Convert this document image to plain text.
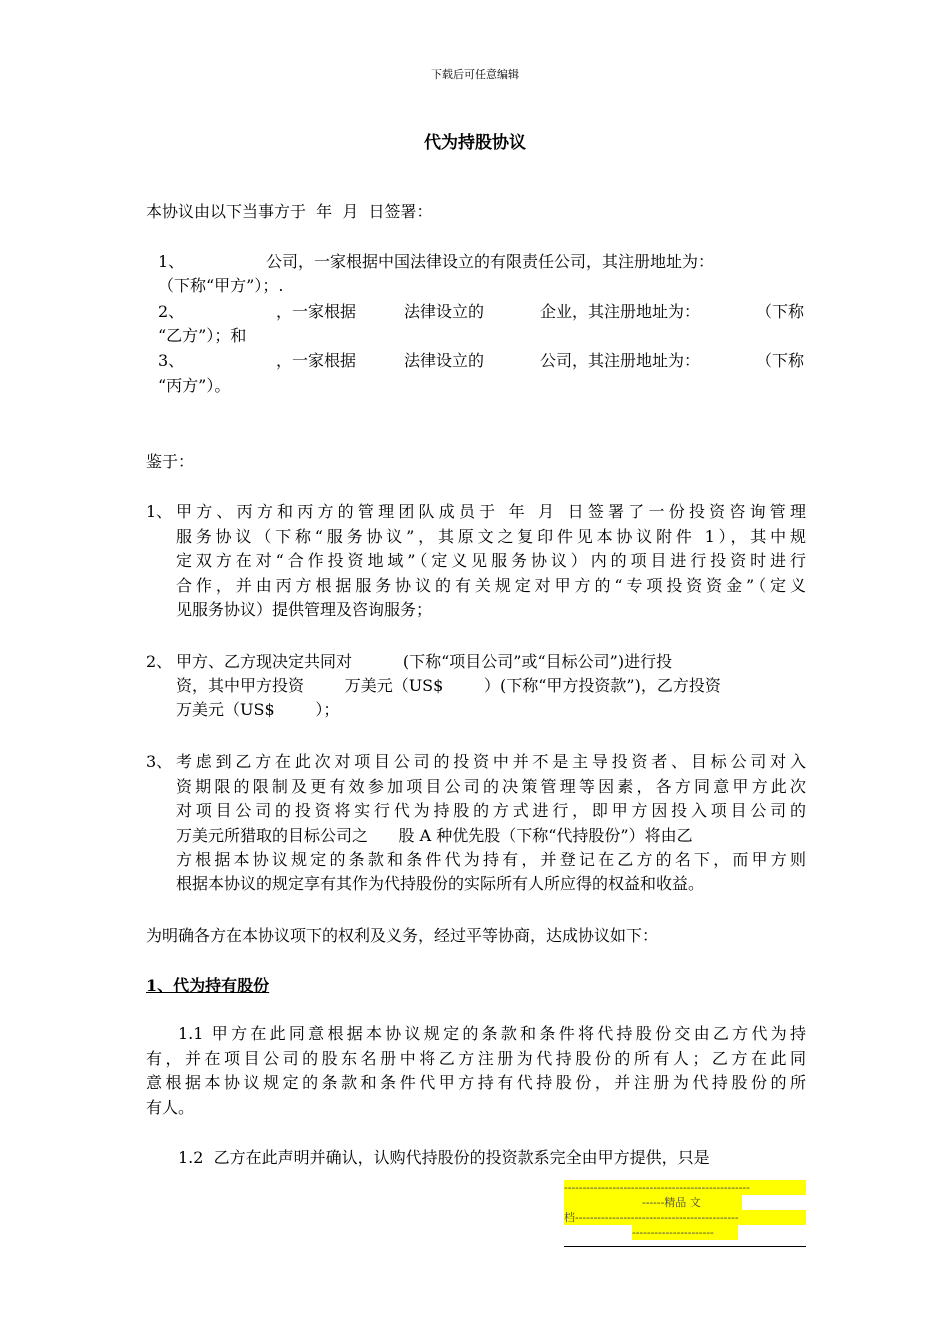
下载后可任意编辑
代为持股协议
本协议由以下当事方于  年  月  日签署：
1、	公司，一家根据中国法律设立的有限责任公司，其注册地址为：
（下称“甲方”）；.
2、	，一家根据	法律设立的	企业，其注册地址为：	（下称
“乙方”）；和
3、	，一家根据	法律设立的	公司，其注册地址为：	（下称
“丙方”）。
鉴于：
1、 甲方、丙方和丙方的管理团队成员于 年 月 日签署了一份投资咨询管理
服务协议（下称“服务协议”，其原文之复印件见本协议附件 1），其中规
定双方在对“合作投资地域”（定义见服务协议）内的项目进行投资时进行
合作，并由丙方根据服务协议的有关规定对甲方的“专项投资资金”（定义
见服务协议）提供管理及咨询服务；
2、 甲方、乙方现决定共同对          (下称“项目公司”或“目标公司”)进行投
资，其中甲方投资        万美元（US$        ）(下称“甲方投资款”)，乙方投资
万美元（US$        ）；
3、 考虑到乙方在此次对项目公司的投资中并不是主导投资者、目标公司对入
资期限的限制及更有效参加项目公司的决策管理等因素，各方同意甲方此次
对项目公司的投资将实行代为持股的方式进行，即甲方因投入项目公司的
万美元所猎取的目标公司之      股 A 种优先股（下称“代持股份”）将由乙
方根据本协议规定的条款和条件代为持有，并登记在乙方的名下，而甲方则
根据本协议的规定享有其作为代持股份的实际所有人所应得的权益和收益。
为明确各方在本协议项下的权利及义务，经过平等协商，达成协议如下：
1、代为持有股份
1.1 甲方在此同意根据本协议规定的条款和条件将代持股份交由乙方代为持
有，并在项目公司的股东名册中将乙方注册为代持股份的所有人；乙方在此同
意根据本协议规定的条款和条件代甲方持有代持股份，并注册为代持股份的所
有人。
1.2  乙方在此声明并确认，认购代持股份的投资款系完全由甲方提供，只是
--------------------------------------------------
------精品 文
档--------------------------------------------
----------------------
